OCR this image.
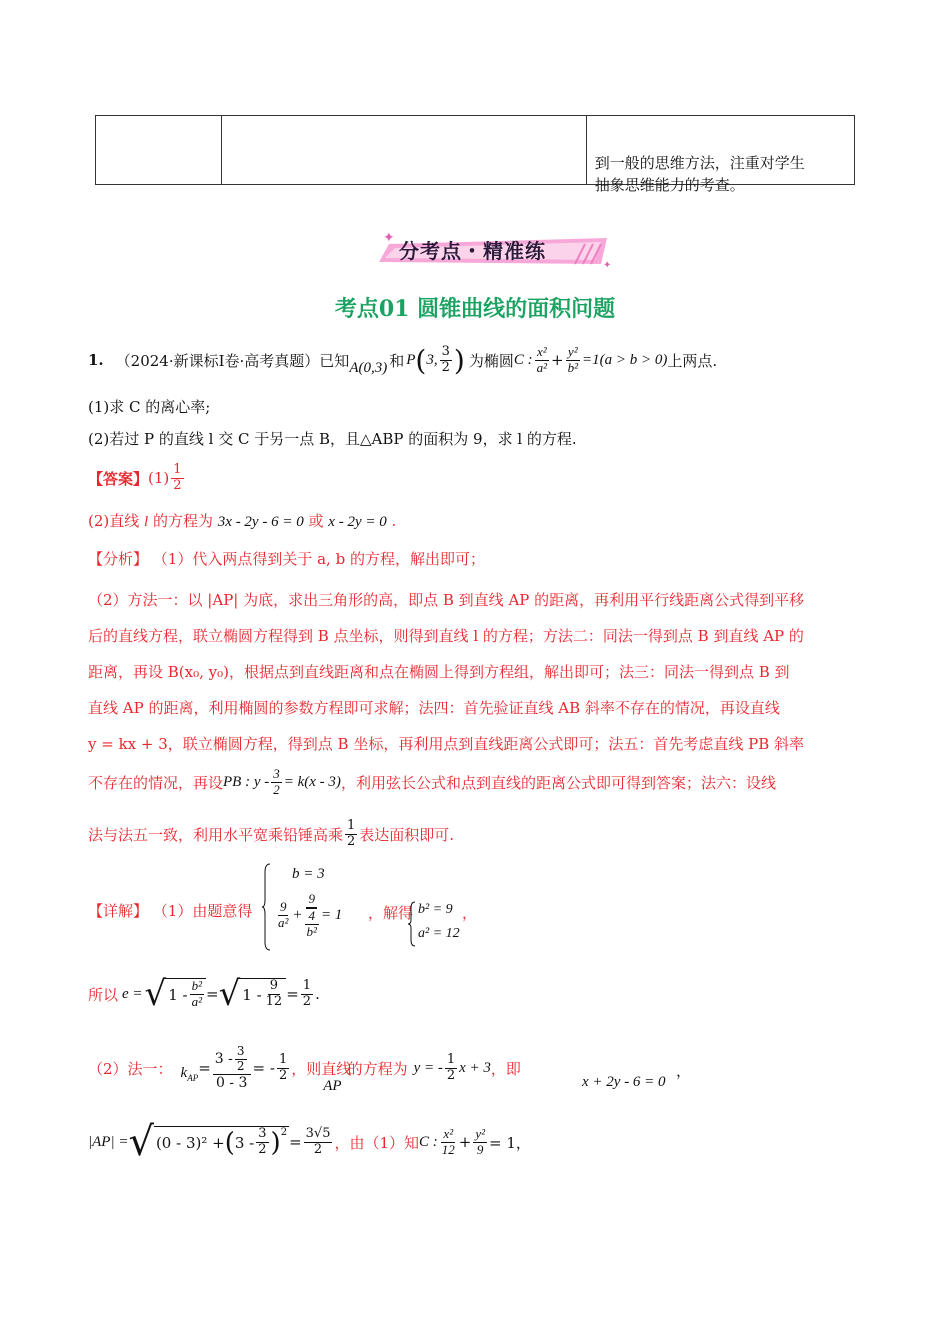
到一般的思维方法，注重对学生
抽象思维能力的考查。
✦
✦
分考点・精准练
考点01 圆锥曲线的面积问题
1. （2024·新课标Ⅰ卷·高考真题）已知 A(0,3) 和 P ( 3, $\frac{3}{2}$ ) 为椭圆 C : $\frac{\text{x²}}{\text{a²}} + \frac{\text{y²}}{\text{b²}} =1(a > b > 0)$ 上两点.
(1)求 C 的离心率;
(2)若过 P 的直线 l 交 C 于另一点 B，且△ABP 的面积为 9，求 l 的方程.
【答案】 $(1) \frac{1}{2}$
(2)直线 l 的方程为 3x - 2y - 6 = 0 或 x - 2y = 0 .
【分析】 （1）代入两点得到关于 a, b 的方程，解出即可；
（2）方法一：以 |AP| 为底，求出三角形的高，即点 B 到直线 AP 的距离，再利用平行线距离公式得到平移
后的直线方程，联立椭圆方程得到 B 点坐标，则得到直线 l 的方程；方法二：同法一得到点 B 到直线 AP 的
距离，再设 B(x₀, y₀)，根据点到直线距离和点在椭圆上得到方程组，解出即可；法三：同法一得到点 B 到
直线 AP 的距离，利用椭圆的参数方程即可求解；法四：首先验证直线 AB 斜率不存在的情况，再设直线
y = kx + 3，联立椭圆方程，得到点 B 坐标，再利用点到直线距离公式即可；法五：首先考虑直线 PB 斜率
不存在的情况，再设 PB : $y - \frac{3}{2} = k(x - 3)$ ，利用弦长公式和点到直线的距离公式即可得到答案；法六：设线
法与法五一致，利用水平宽乘铅锤高乘 $\frac{1}{2}$ 表达面积即可.
【详解】 （1）由题意得
b = 3
$\frac{9}{\text{a²}}$ +
9
4
b²
= 1 ，解得 b² = 9
a² = 12
，
所以 e = √ $1 - \frac{\text{b²}}{\text{a²}}$ = √ $1 - \frac{9}{12} = \frac{1}{2}$ .
（2）法一： k AP
= $\frac{3 - \frac{3}{2}}{0 - 3}$ = - $\frac{1}{2}$ ，则直线
AP
的方程为 y = - $\frac{1}{2}$ x + 3 ，即
x + 2y - 6 = 0
，
|AP| = √ (0 - 3)² + ( $3 - \frac{3}{2}$ ) 2
= $\frac{3√5}{2}$ ，由（1）知 C : $\frac{\text{x²}}{12} + \frac{\text{y²}}{9} = 1$，
